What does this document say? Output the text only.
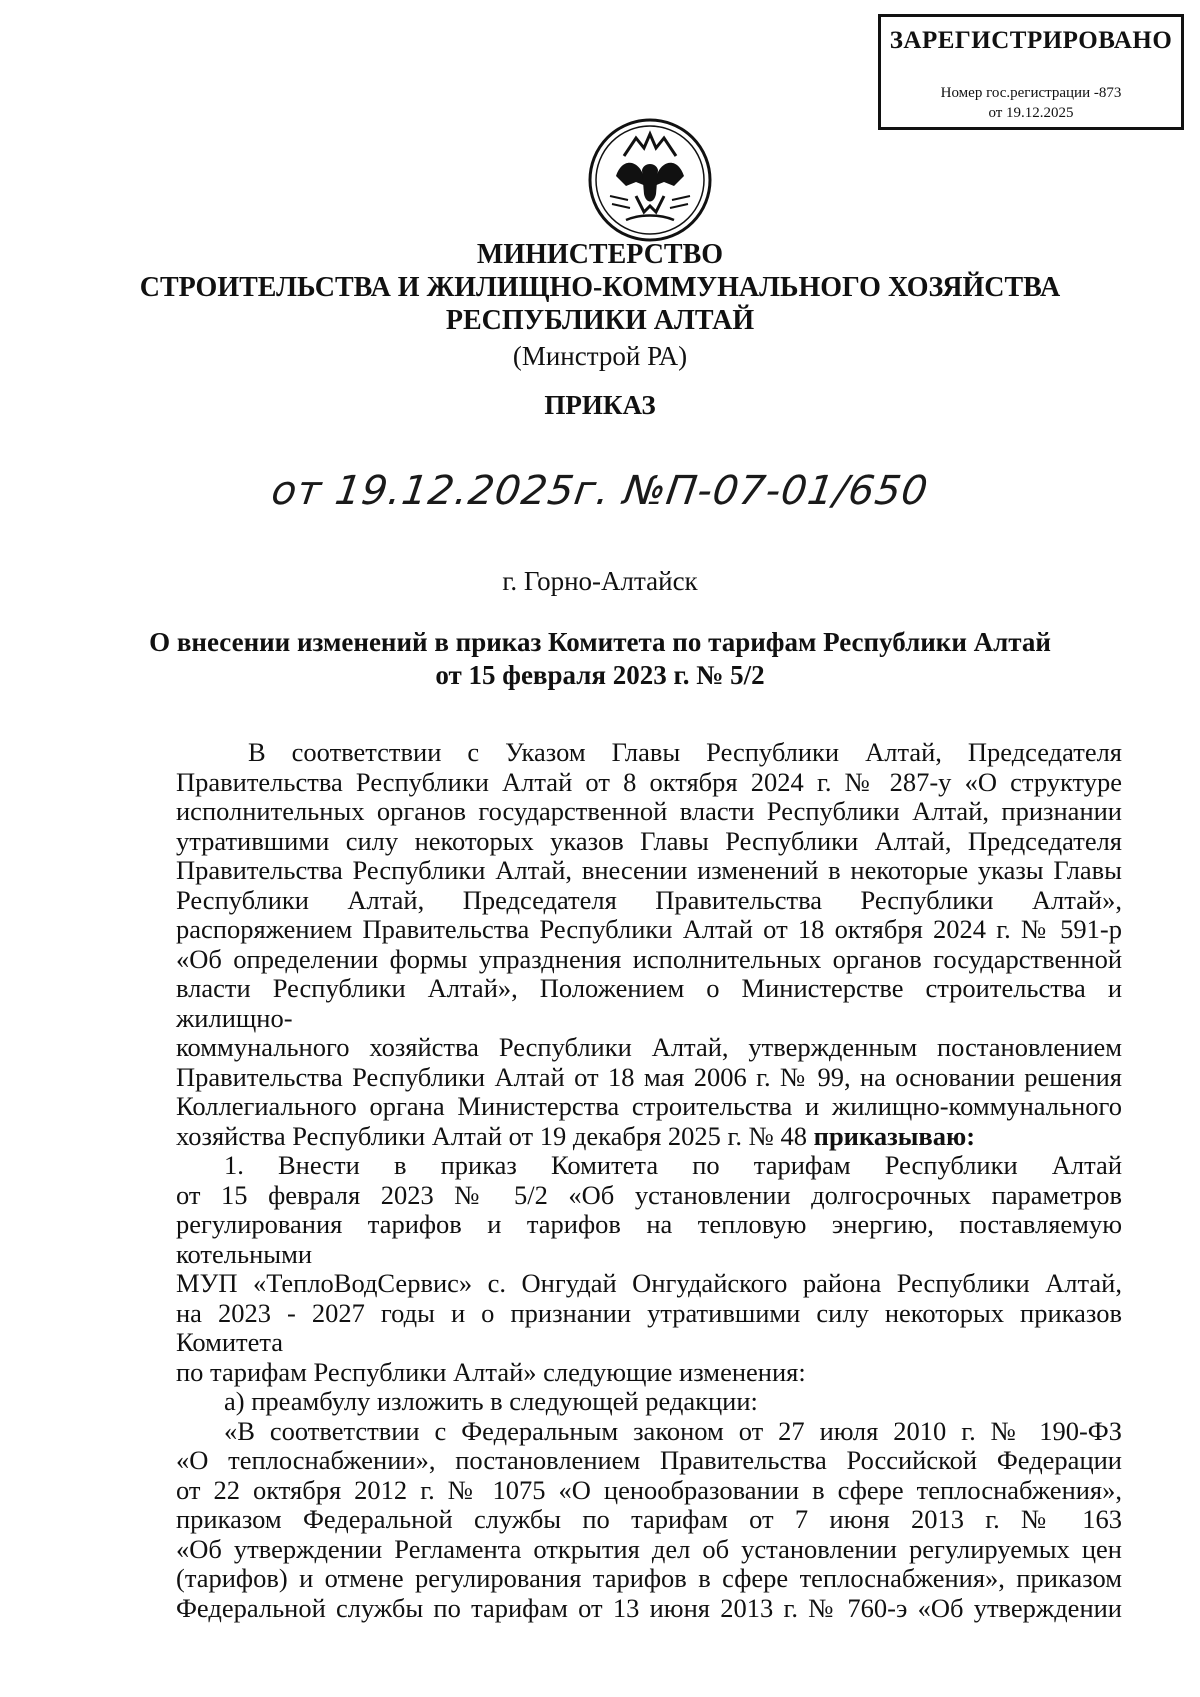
ЗАРЕГИСТРИРОВАНО
Номер гос.регистрации -873
от 19.12.2025
МИНИСТЕРСТВО
СТРОИТЕЛЬСТВА И ЖИЛИЩНО-КОММУНАЛЬНОГО ХОЗЯЙСТВА
РЕСПУБЛИКИ АЛТАЙ
(Минстрой РА)
ПРИКАЗ
от 19.12.2025г. №П-07-01/650
г. Горно-Алтайск
О внесении изменений в приказ Комитета по тарифам Республики Алтай
от 15 февраля 2023 г. № 5/2

В соответствии с Указом Главы Республики Алтай, Председателя

Правительства Республики Алтай от 8 октября 2024 г. № 287-у «О структуре

исполнительных органов государственной власти Республики Алтай, признании

утратившими силу некоторых указов Главы Республики Алтай, Председателя

Правительства Республики Алтай, внесении изменений в некоторые указы Главы

Республики Алтай, Председателя Правительства Республики Алтай»,

распоряжением Правительства Республики Алтай от 18 октября 2024 г. № 591-р

«Об определении формы упразднения исполнительных органов государственной

власти Республики Алтай», Положением о Министерстве строительства и жилищно-

коммунального хозяйства Республики Алтай, утвержденным постановлением

Правительства Республики Алтай от 18 мая 2006 г. № 99, на основании решения

Коллегиального органа Министерства строительства и жилищно-коммунального

хозяйства Республики Алтай от 19 декабря 2025 г. № 48 приказываю:

1. Внести в приказ Комитета по тарифам Республики Алтай

от 15 февраля 2023 № 5/2 «Об установлении долгосрочных параметров

регулирования тарифов и тарифов на тепловую энергию, поставляемую котельными

МУП «ТеплоВодСервис» с. Онгудай Онгудайского района Республики Алтай,

на 2023 - 2027 годы и о признании утратившими силу некоторых приказов Комитета

по тарифам Республики Алтай» следующие изменения:

а) преамбулу изложить в следующей редакции:

«В соответствии с Федеральным законом от 27 июля 2010 г. № 190-ФЗ

«О теплоснабжении», постановлением Правительства Российской Федерации

от 22 октября 2012 г. № 1075 «О ценообразовании в сфере теплоснабжения»,

приказом Федеральной службы по тарифам от 7 июня 2013 г. № 163

«Об утверждении Регламента открытия дел об установлении регулируемых цен

(тарифов) и отмене регулирования тарифов в сфере теплоснабжения», приказом

Федеральной службы по тарифам от 13 июня 2013 г. № 760-э «Об утверждении
